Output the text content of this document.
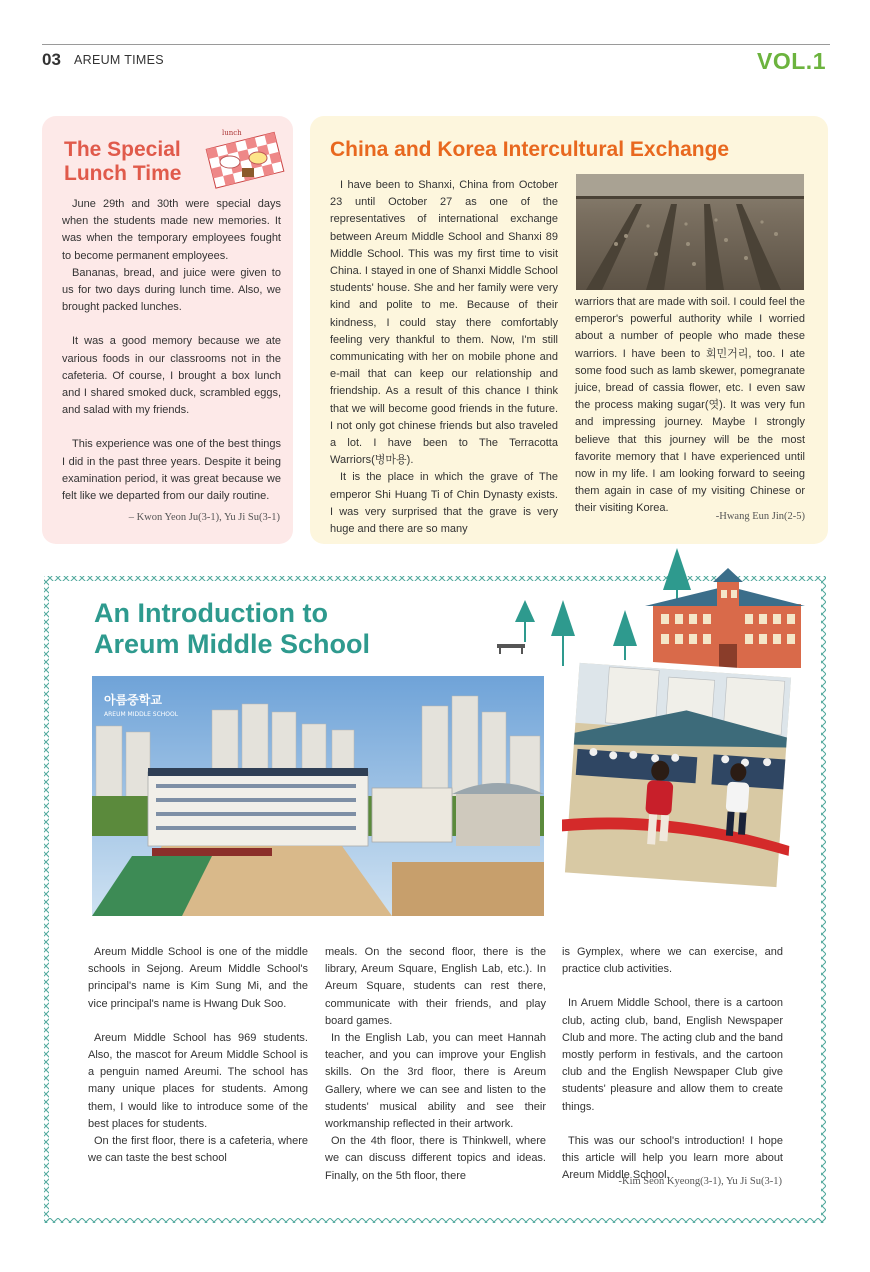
03 AREUM TIMES	VOL.1
The Special Lunch Time
lunch

June 29th and 30th were special days when the students made new memories. It was when the temporary employees fought to become permanent employees.

Bananas, bread, and juice were given to us for two days during lunch time. Also, we brought packed lunches.

It was a good memory because we ate various foods in our classrooms not in the cafeteria. Of course, I brought a box lunch and I shared smoked duck, scrambled eggs, and salad with my friends.

This experience was one of the best things I did in the past three years. Despite it being examination period, it was great because we felt like we departed from our daily routine.

– Kwon Yeon Ju(3-1), Yu Ji Su(3-1)
China and Korea Intercultural Exchange

I have been to Shanxi, China from October 23 until October 27 as one of the representatives of international exchange between Areum Middle School and Shanxi 89 Middle School. This was my first time to visit China. I stayed in one of Shanxi Middle School students' house. She and her family were very kind and polite to me. Because of their kindness, I could stay there comfortably feeling very thankful to them. Now, I'm still communicating with her on mobile phone and e-mail that can keep our relationship and friendship. As a result of this chance I think that we will become good friends in the future. I not only got chinese friends but also traveled a lot. I have been to The Terracotta Warriors(병마용).

It is the place in which the grave of The emperor Shi Huang Ti of Chin Dynasty exists. I was very surprised that the grave is very huge and there are so many

warriors that are made with soil. I could feel the emperor's powerful authority while I worried about a number of people who made these warriors. I have been to 회민거리, too. I ate some food such as lamb skewer, pomegranate juice, bread of cassia flower, etc. I even saw the process making sugar(엿). It was very fun and impressing journey. Maybe I strongly believe that this journey will be the most favorite memory that I have experienced until now in my life. I am looking forward to seeing them again in case of my visiting Chinese or their visiting Korea.

-Hwang Eun Jin(2-5)
An Introduction to Areum Middle School
아름중학교
AREUM MIDDLE SCHOOL

Areum Middle School is one of the middle schools in Sejong. Areum Middle School's principal's name is Kim Sung Mi, and the vice principal's name is Hwang Duk Soo.

Areum Middle School has 969 students. Also, the mascot for Areum Middle School is a penguin named Areumi. The school has many unique places for students. Among them, I would like to introduce some of the best places for students.

On the first floor, there is a cafeteria, where we can taste the best school

meals. On the second floor, there is the library, Areum Square, English Lab, etc.). In Areum Square, students can rest there, communicate with their friends, and play board games.

In the English Lab, you can meet Hannah teacher, and you can improve your English skills. On the 3rd floor, there is Areum Gallery, where we can see and listen to the students' musical ability and see their workmanship reflected in their artwork.

On the 4th floor, there is Thinkwell, where we can discuss different topics and ideas. Finally, on the 5th floor, there

is Gymplex, where we can exercise, and practice club activities.

In Aruem Middle School, there is a cartoon club, acting club, band, English Newspaper Club and more. The acting club and the band mostly perform in festivals, and the cartoon club and the English Newspaper Club give students' pleasure and allow them to create things.

This was our school's introduction! I hope this article will help you learn more about Areum Middle School.

-Kim Seon Kyeong(3-1), Yu Ji Su(3-1)
